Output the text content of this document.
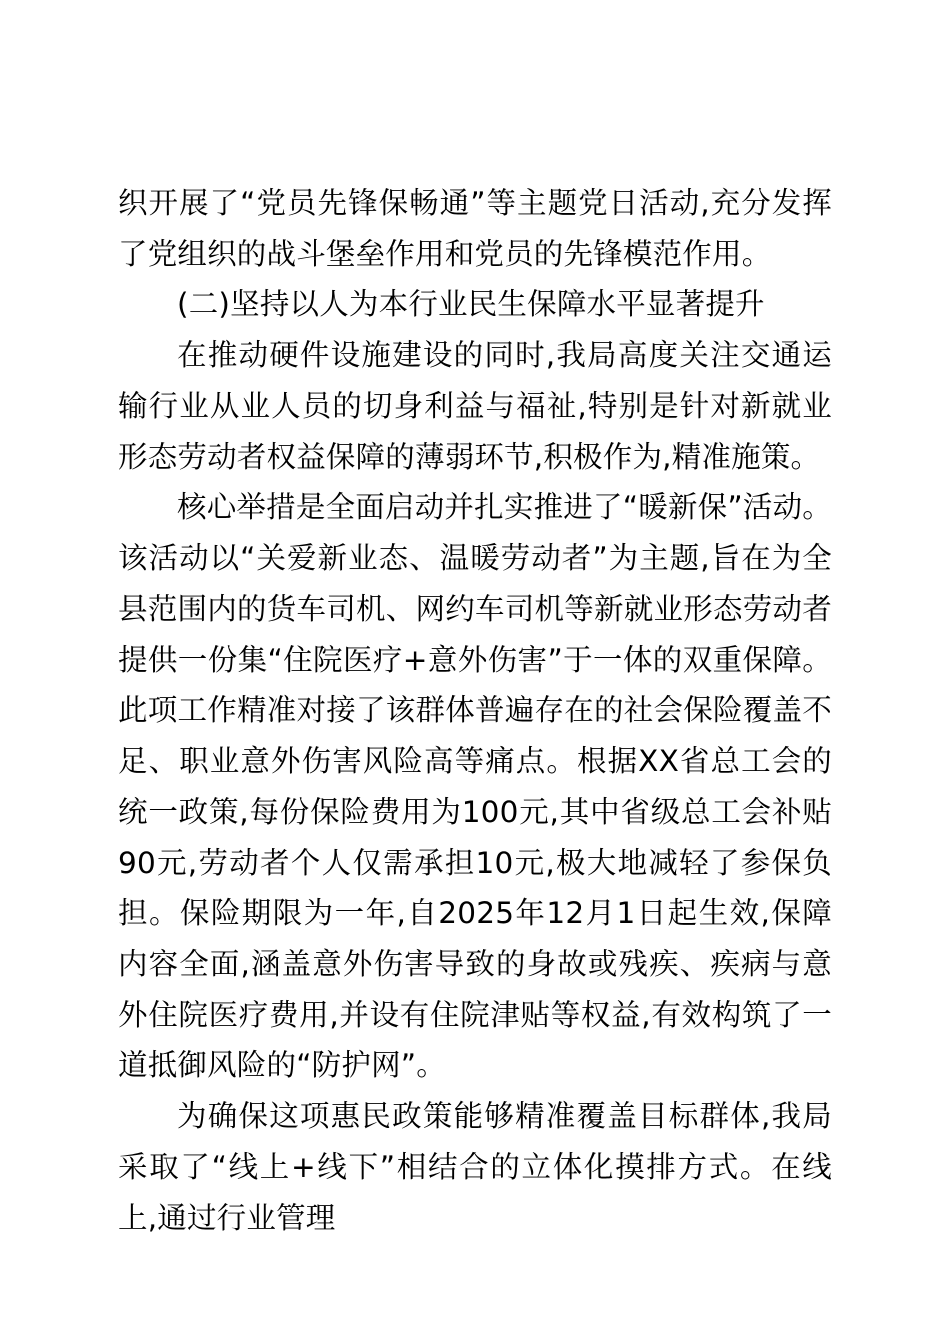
织开展了“党员先锋保畅通”等主题党日活动,充分发挥了党组织的战斗堡垒作用和党员的先锋模范作用。

(二)坚持以人为本行业民生保障水平显著提升

在推动硬件设施建设的同时,我局高度关注交通运输行业从业人员的切身利益与福祉,特别是针对新就业形态劳动者权益保障的薄弱环节,积极作为,精准施策。

核心举措是全面启动并扎实推进了“暖新保”活动。该活动以“关爱新业态、温暖劳动者”为主题,旨在为全县范围内的货车司机、网约车司机等新就业形态劳动者提供一份集“住院医疗+意外伤害”于一体的双重保障。此项工作精准对接了该群体普遍存在的社会保险覆盖不足、职业意外伤害风险高等痛点。根据XX省总工会的统一政策,每份保险费用为100元,其中省级总工会补贴90元,劳动者个人仅需承担10元,极大地减轻了参保负担。保险期限为一年,自2025年12月1日起生效,保障内容全面,涵盖意外伤害导致的身故或残疾、疾病与意外住院医疗费用,并设有住院津贴等权益,有效构筑了一道抵御风险的“防护网”。

为确保这项惠民政策能够精准覆盖目标群体,我局采取了“线上+线下”相结合的立体化摸排方式。在线上,通过行业管理
